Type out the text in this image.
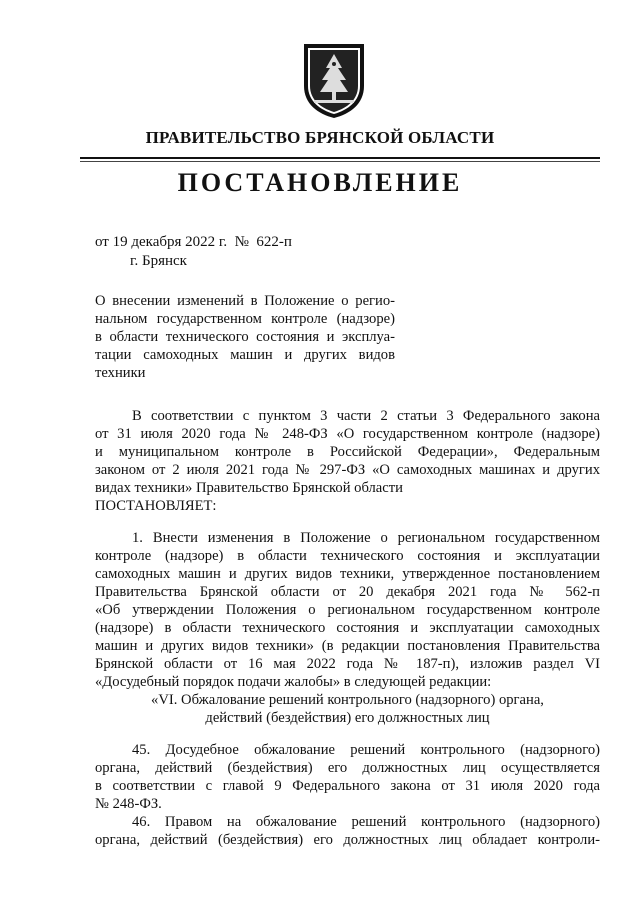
ПРАВИТЕЛЬСТВО БРЯНСКОЙ ОБЛАСТИ
ПОСТАНОВЛЕНИЕ
от 19 декабря 2022 г.  №  622-п
г. Брянск
О внесении изменений в Положение о регио-
нальном государственном контроле (надзоре)
в области технического состояния и эксплуа-
тации самоходных машин и других видов
техники
В соответствии с пунктом 3 части 2 статьи 3 Федерального закона
от 31 июля 2020 года № 248-ФЗ «О государственном контроле (надзоре)
и муниципальном контроле в Российской Федерации», Федеральным
законом от 2 июля 2021 года № 297-ФЗ «О самоходных машинах и других
видах техники» Правительство Брянской области
ПОСТАНОВЛЯЕТ:
1. Внести изменения в Положение о региональном государственном
контроле (надзоре) в области технического состояния и эксплуатации
самоходных машин и других видов техники, утвержденное постановлением
Правительства Брянской области от 20 декабря 2021 года № 562-п
«Об утверждении Положения о региональном государственном контроле
(надзоре) в области технического состояния и эксплуатации самоходных
машин и других видов техники» (в редакции постановления Правительства
Брянской области от 16 мая 2022 года № 187-п), изложив раздел VI
«Досудебный порядок подачи жалобы» в следующей редакции:
«VI. Обжалование решений контрольного (надзорного) органа,
действий (бездействия) его должностных лиц
45. Досудебное обжалование решений контрольного (надзорного)
органа, действий (бездействия) его должностных лиц осуществляется
в соответствии с главой 9 Федерального закона от 31 июля 2020 года
№ 248-ФЗ.
46. Правом на обжалование решений контрольного (надзорного)
органа, действий (бездействия) его должностных лиц обладает контроли-
